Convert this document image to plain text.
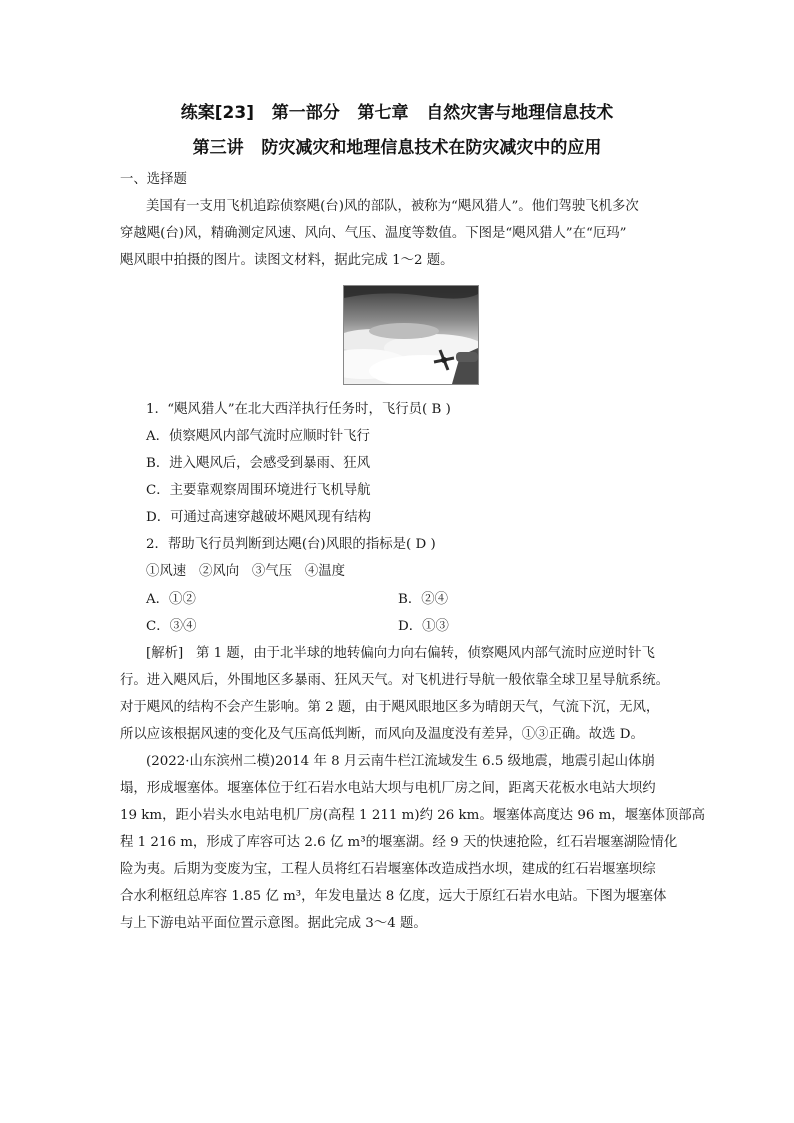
练案[23]   第一部分   第七章   自然灾害与地理信息技术
第三讲   防灾减灾和地理信息技术在防灾减灾中的应用
一、选择题
美国有一支用飞机追踪侦察飓(台)风的部队，被称为“飓风猎人”。他们驾驶飞机多次
穿越飓(台)风，精确测定风速、风向、气压、温度等数值。下图是“飓风猎人”在“厄玛”
飓风眼中拍摄的图片。读图文材料，据此完成 1～2 题。
1.  “飓风猎人”在北大西洋执行任务时，飞行员( B )
A．侦察飓风内部气流时应顺时针飞行
B．进入飓风后，会感受到暴雨、狂风
C．主要靠观察周围环境进行飞机导航
D．可通过高速穿越破坏飓风现有结构
2．帮助飞行员判断到达飓(台)风眼的指标是( D )
①风速   ②风向   ③气压   ④温度
A．①②	B．②④
C．③④	D．①③
[解析]   第 1 题，由于北半球的地转偏向力向右偏转，侦察飓风内部气流时应逆时针飞
行。进入飓风后，外围地区多暴雨、狂风天气。对飞机进行导航一般依靠全球卫星导航系统。
对于飓风的结构不会产生影响。第 2 题，由于飓风眼地区多为晴朗天气，气流下沉，无风，
所以应该根据风速的变化及气压高低判断，而风向及温度没有差异，①③正确。故选 D。
(2022·山东滨州二模)2014 年 8 月云南牛栏江流域发生 6.5 级地震，地震引起山体崩
塌，形成堰塞体。堰塞体位于红石岩水电站大坝与电机厂房之间，距离天花板水电站大坝约
19 km，距小岩头水电站电机厂房(高程 1 211 m)约 26 km。堰塞体高度达 96 m，堰塞体顶部高
程 1 216 m，形成了库容可达 2.6 亿 m³的堰塞湖。经 9 天的快速抢险，红石岩堰塞湖险情化
险为夷。后期为变废为宝，工程人员将红石岩堰塞体改造成挡水坝，建成的红石岩堰塞坝综
合水利枢纽总库容 1.85 亿 m³，年发电量达 8 亿度，远大于原红石岩水电站。下图为堰塞体
与上下游电站平面位置示意图。据此完成 3～4 题。
